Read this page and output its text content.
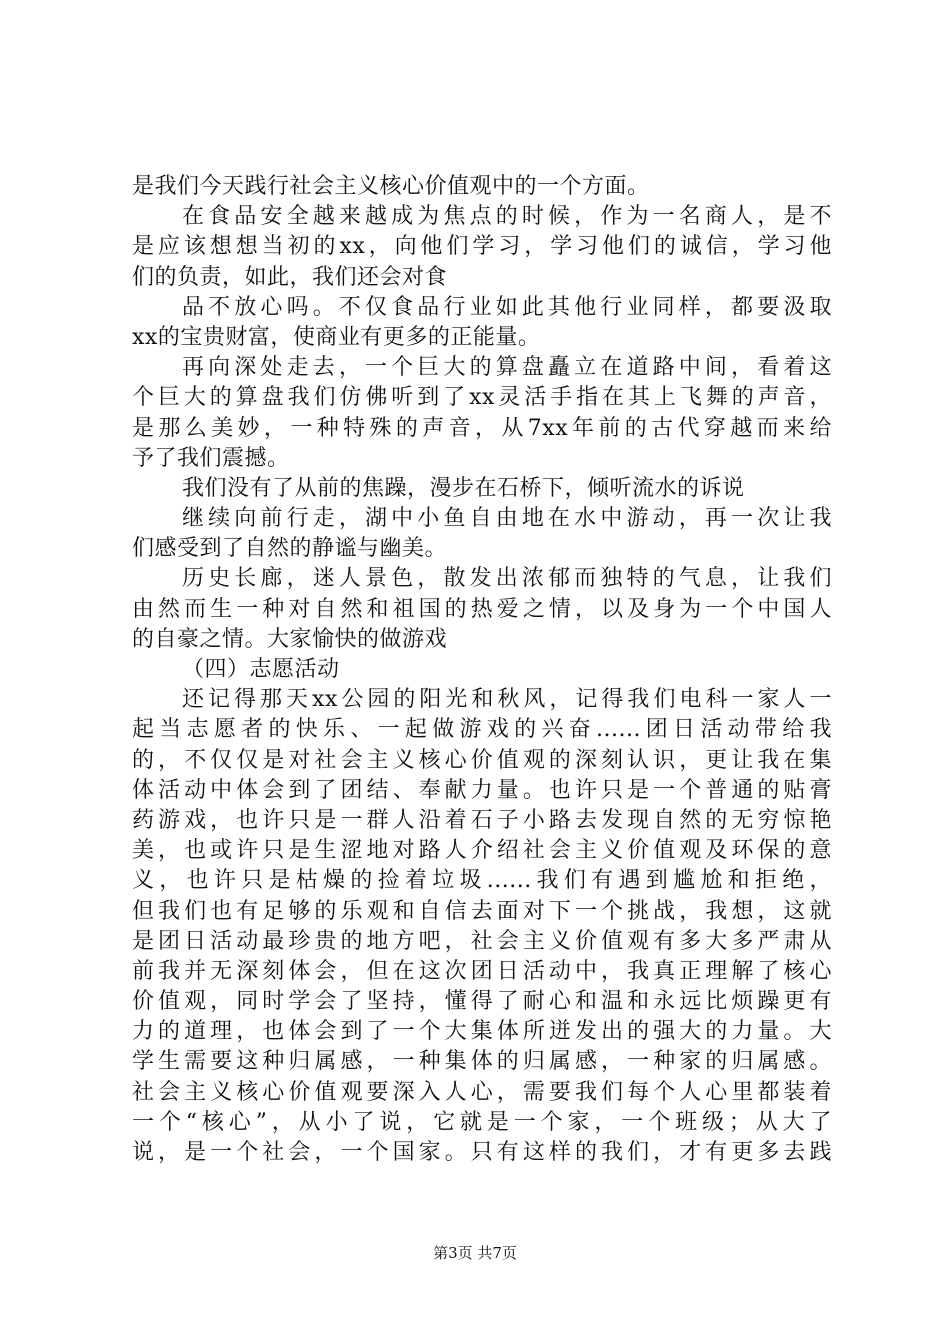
是我们今天践行社会主义核心价值观中的一个方面。
在食品安全越来越成为焦点的时候，作为一名商人，是不
是应该想想当初的xx，向他们学习，学习他们的诚信，学习他
们的负责，如此，我们还会对食
品不放心吗。不仅食品行业如此其他行业同样，都要汲取
xx的宝贵财富，使商业有更多的正能量。
再向深处走去，一个巨大的算盘矗立在道路中间，看着这
个巨大的算盘我们仿佛听到了xx灵活手指在其上飞舞的声音，
是那么美妙，一种特殊的声音，从7xx年前的古代穿越而来给
予了我们震撼。
我们没有了从前的焦躁，漫步在石桥下，倾听流水的诉说
继续向前行走，湖中小鱼自由地在水中游动，再一次让我
们感受到了自然的静谧与幽美。
历史长廊，迷人景色，散发出浓郁而独特的气息，让我们
由然而生一种对自然和祖国的热爱之情，以及身为一个中国人
的自豪之情。大家愉快的做游戏
（四）志愿活动
还记得那天xx公园的阳光和秋风，记得我们电科一家人一
起当志愿者的快乐、一起做游戏的兴奋......团日活动带给我
的，不仅仅是对社会主义核心价值观的深刻认识，更让我在集
体活动中体会到了团结、奉献力量。也许只是一个普通的贴膏
药游戏，也许只是一群人沿着石子小路去发现自然的无穷惊艳
美，也或许只是生涩地对路人介绍社会主义价值观及环保的意
义，也许只是枯燥的捡着垃圾......我们有遇到尴尬和拒绝，
但我们也有足够的乐观和自信去面对下一个挑战，我想，这就
是团日活动最珍贵的地方吧，社会主义价值观有多大多严肃从
前我并无深刻体会，但在这次团日活动中，我真正理解了核心
价值观，同时学会了坚持，懂得了耐心和温和永远比烦躁更有
力的道理，也体会到了一个大集体所迸发出的强大的力量。大
学生需要这种归属感，一种集体的归属感，一种家的归属感。
社会主义核心价值观要深入人心，需要我们每个人心里都装着
一个“核心”，从小了说，它就是一个家，一个班级；从大了
说，是一个社会，一个国家。只有这样的我们，才有更多去践
第3页 共7页
